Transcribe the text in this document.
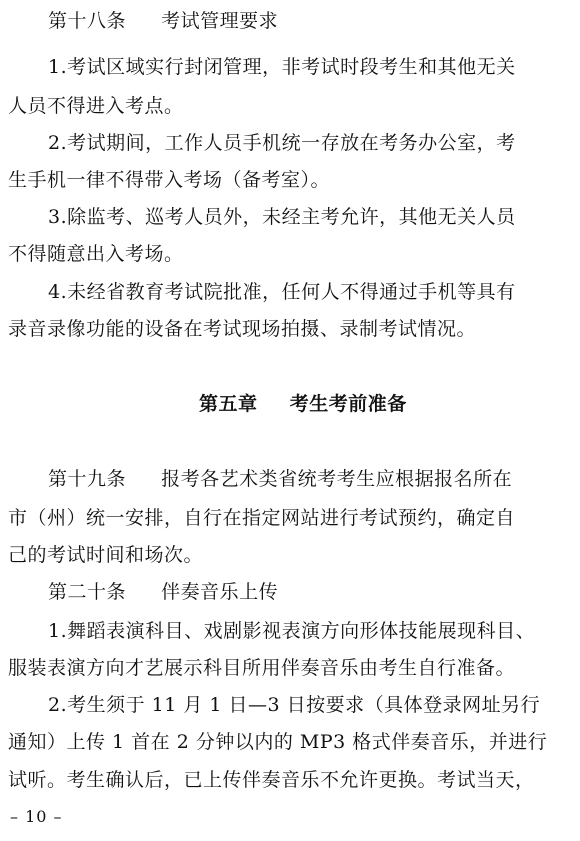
第十八条 考试管理要求
1.考试区域实行封闭管理，非考试时段考生和其他无关
人员不得进入考点。
2.考试期间，工作人员手机统一存放在考务办公室，考
生手机一律不得带入考场（备考室）。
3.除监考、巡考人员外，未经主考允许，其他无关人员
不得随意出入考场。
4.未经省教育考试院批准，任何人不得通过手机等具有
录音录像功能的设备在考试现场拍摄、录制考试情况。
第五章 考生考前准备
第十九条 报考各艺术类省统考考生应根据报名所在
市（州）统一安排，自行在指定网站进行考试预约，确定自
己的考试时间和场次。
第二十条 伴奏音乐上传
1.舞蹈表演科目、戏剧影视表演方向形体技能展现科目、
服装表演方向才艺展示科目所用伴奏音乐由考生自行准备。
2.考生须于 11 月 1 日—3 日按要求（具体登录网址另行
通知）上传 1 首在 2 分钟以内的 MP3 格式伴奏音乐，并进行
试听。考生确认后，已上传伴奏音乐不允许更换。考试当天，
– 10 –
